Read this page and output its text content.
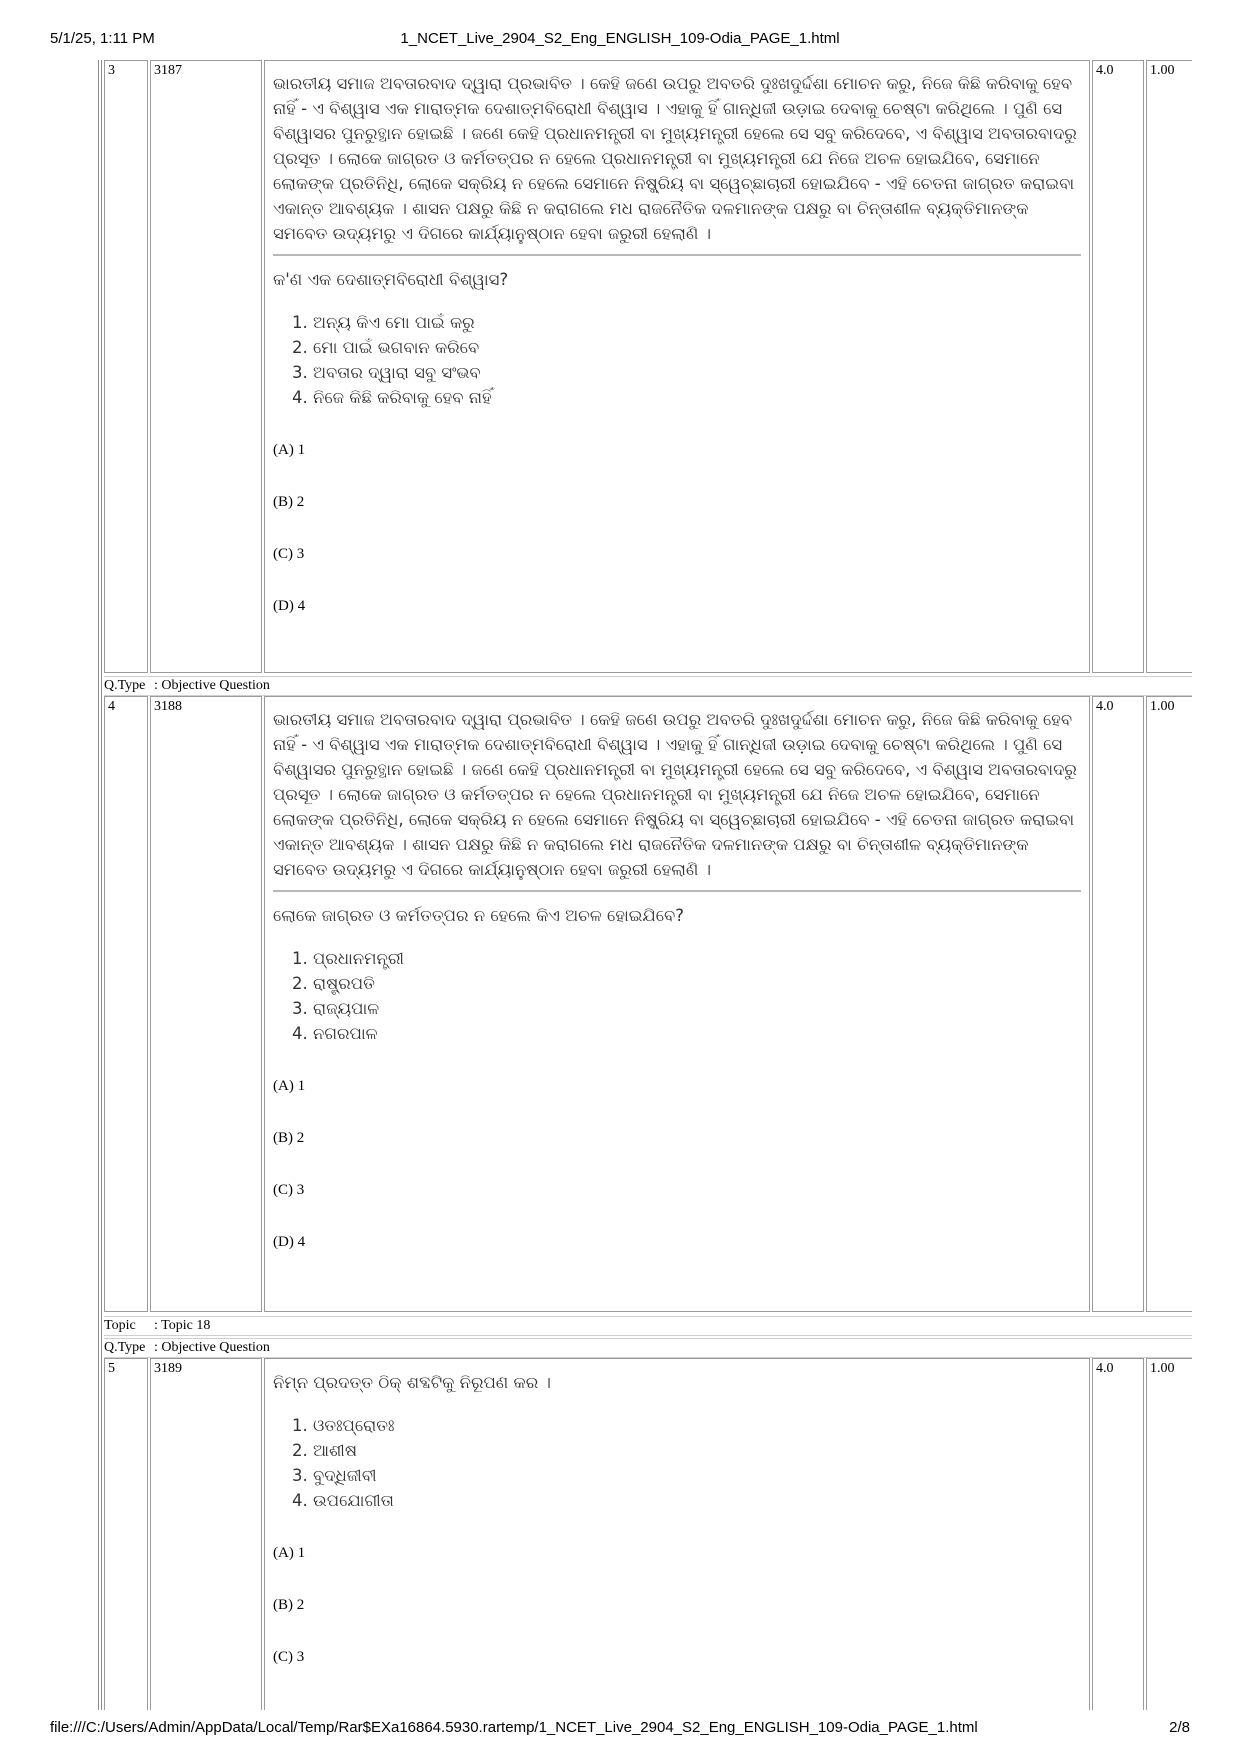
5/1/25, 1:11 PM	1_NCET_Live_2904_S2_Eng_ENGLISH_109-Odia_PAGE_1.html
3	3187
ଭାରତୀୟ ସମାଜ ଅବତାରବାଦ ଦ୍ୱାରା ପ୍ରଭାବିତ । କେହି ଜଣେ ଉପରୁ ଅବତରି ଦୁଃଖଦୁର୍ଦ୍ଦଶା ମୋଚନ କରୁ, ନିଜେ କିଛି କରିବାକୁ ହେବ ନାହିଁ - ଏ ବିଶ୍ୱାସ ଏକ ମାରାତ୍ମକ ଦେଶାତ୍ମବିରୋଧୀ ବିଶ୍ୱାସ । ଏହାକୁ ହିଁ ଗାନ୍ଧିଜୀ ଉଡ଼ାଇ ଦେବାକୁ ଚେଷ୍ଟା କରିଥିଲେ । ପୁଣି ସେ ବିଶ୍ୱାସର ପୁନରୁତ୍ଥାନ ହୋଇଛି । ଜଣେ କେହି ପ୍ରଧାନମନ୍ତ୍ରୀ ବା ମୁଖ୍ୟମନ୍ତ୍ରୀ ହେଲେ ସେ ସବୁ କରିଦେବେ, ଏ ବିଶ୍ୱାସ ଅବତାରବାଦରୁ ପ୍ରସୂତ । ଲୋକେ ଜାଗ୍ରତ ଓ କର୍ମତତ୍ପର ନ ହେଲେ ପ୍ରଧାନମନ୍ତ୍ରୀ ବା ମୁଖ୍ୟମନ୍ତ୍ରୀ ଯେ ନିଜେ ଅଚଳ ହୋଇଯିବେ, ସେମାନେ ଲୋକଙ୍କ ପ୍ରତିନିଧି, ଲୋକେ ସକ୍ରିୟ ନ ହେଲେ ସେମାନେ ନିଷ୍କ୍ରିୟ ବା ସ୍ୱେଚ୍ଛାଚାରୀ ହୋଇଯିବେ - ଏହି ଚେତନା ଜାଗ୍ରତ କରାଇବା ଏକାନ୍ତ ଆବଶ୍ୟକ । ଶାସନ ପକ୍ଷରୁ କିଛି ନ କରାଗଲେ ମଧ ରାଜନୈତିକ ଦଳମାନଙ୍କ ପକ୍ଷରୁ ବା ଚିନ୍ତାଶୀଳ ବ୍ୟକ୍ତିମାନଙ୍କ ସମବେତ ଉଦ୍ୟମରୁ ଏ ଦିଗରେ କାର୍ଯ୍ୟାନୁଷ୍ଠାନ ହେବା ଜରୁରୀ ହେଲାଣି ।
କ'ଣ ଏକ ଦେଶାତ୍ମବିରୋଧୀ ବିଶ୍ୱାସ?
1. ଅନ୍ୟ କିଏ ମୋ ପାଇଁ କରୁ
2. ମୋ ପାଇଁ ଭଗବାନ କରିବେ
3. ଅବତାର ଦ୍ୱାରା ସବୁ ସଂଭବ
4. ନିଜେ କିଛି କରିବାକୁ ହେବ ନାହିଁ
(A) 1
(B) 2
(C) 3
(D) 4
4.0	1.00
Q.Type : Objective Question
4	3188
ଭାରତୀୟ ସମାଜ ଅବତାରବାଦ ଦ୍ୱାରା ପ୍ରଭାବିତ । କେହି ଜଣେ ଉପରୁ ଅବତରି ଦୁଃଖଦୁର୍ଦ୍ଦଶା ମୋଚନ କରୁ, ନିଜେ କିଛି କରିବାକୁ ହେବ ନାହିଁ - ଏ ବିଶ୍ୱାସ ଏକ ମାରାତ୍ମକ ଦେଶାତ୍ମବିରୋଧୀ ବିଶ୍ୱାସ । ଏହାକୁ ହିଁ ଗାନ୍ଧିଜୀ ଉଡ଼ାଇ ଦେବାକୁ ଚେଷ୍ଟା କରିଥିଲେ । ପୁଣି ସେ ବିଶ୍ୱାସର ପୁନରୁତ୍ଥାନ ହୋଇଛି । ଜଣେ କେହି ପ୍ରଧାନମନ୍ତ୍ରୀ ବା ମୁଖ୍ୟମନ୍ତ୍ରୀ ହେଲେ ସେ ସବୁ କରିଦେବେ, ଏ ବିଶ୍ୱାସ ଅବତାରବାଦରୁ ପ୍ରସୂତ । ଲୋକେ ଜାଗ୍ରତ ଓ କର୍ମତତ୍ପର ନ ହେଲେ ପ୍ରଧାନମନ୍ତ୍ରୀ ବା ମୁଖ୍ୟମନ୍ତ୍ରୀ ଯେ ନିଜେ ଅଚଳ ହୋଇଯିବେ, ସେମାନେ ଲୋକଙ୍କ ପ୍ରତିନିଧି, ଲୋକେ ସକ୍ରିୟ ନ ହେଲେ ସେମାନେ ନିଷ୍କ୍ରିୟ ବା ସ୍ୱେଚ୍ଛାଚାରୀ ହୋଇଯିବେ - ଏହି ଚେତନା ଜାଗ୍ରତ କରାଇବା ଏକାନ୍ତ ଆବଶ୍ୟକ । ଶାସନ ପକ୍ଷରୁ କିଛି ନ କରାଗଲେ ମଧ ରାଜନୈତିକ ଦଳମାନଙ୍କ ପକ୍ଷରୁ ବା ଚିନ୍ତାଶୀଳ ବ୍ୟକ୍ତିମାନଙ୍କ ସମବେତ ଉଦ୍ୟମରୁ ଏ ଦିଗରେ କାର୍ଯ୍ୟାନୁଷ୍ଠାନ ହେବା ଜରୁରୀ ହେଲାଣି ।
ଲୋକେ ଜାଗ୍ରତ ଓ କର୍ମତତ୍ପର ନ ହେଲେ କିଏ ଅଚଳ ହୋଇଯିବେ?
1. ପ୍ରଧାନମନ୍ତ୍ରୀ
2. ରାଷ୍ଟ୍ରପତି
3. ରାଜ୍ୟପାଳ
4. ନଗରପାଳ
(A) 1
(B) 2
(C) 3
(D) 4
4.0	1.00
Topic : Topic 18
Q.Type : Objective Question
5	3189
ନିମ୍ନ ପ୍ରଦତ୍ତ ଠିକ୍ ଶବ୍ଦଟିକୁ ନିରୂପଣ କର ।
1. ଓତଃପ୍ରୋତଃ
2. ଆଶୀଷ
3. ବୁଦ୍ଧିଜୀବୀ
4. ଉପଯୋଗୀତା
(A) 1
(B) 2
(C) 3
4.0	1.00
file:///C:/Users/Admin/AppData/Local/Temp/Rar$EXa16864.5930.rartemp/1_NCET_Live_2904_S2_Eng_ENGLISH_109-Odia_PAGE_1.html	2/8
